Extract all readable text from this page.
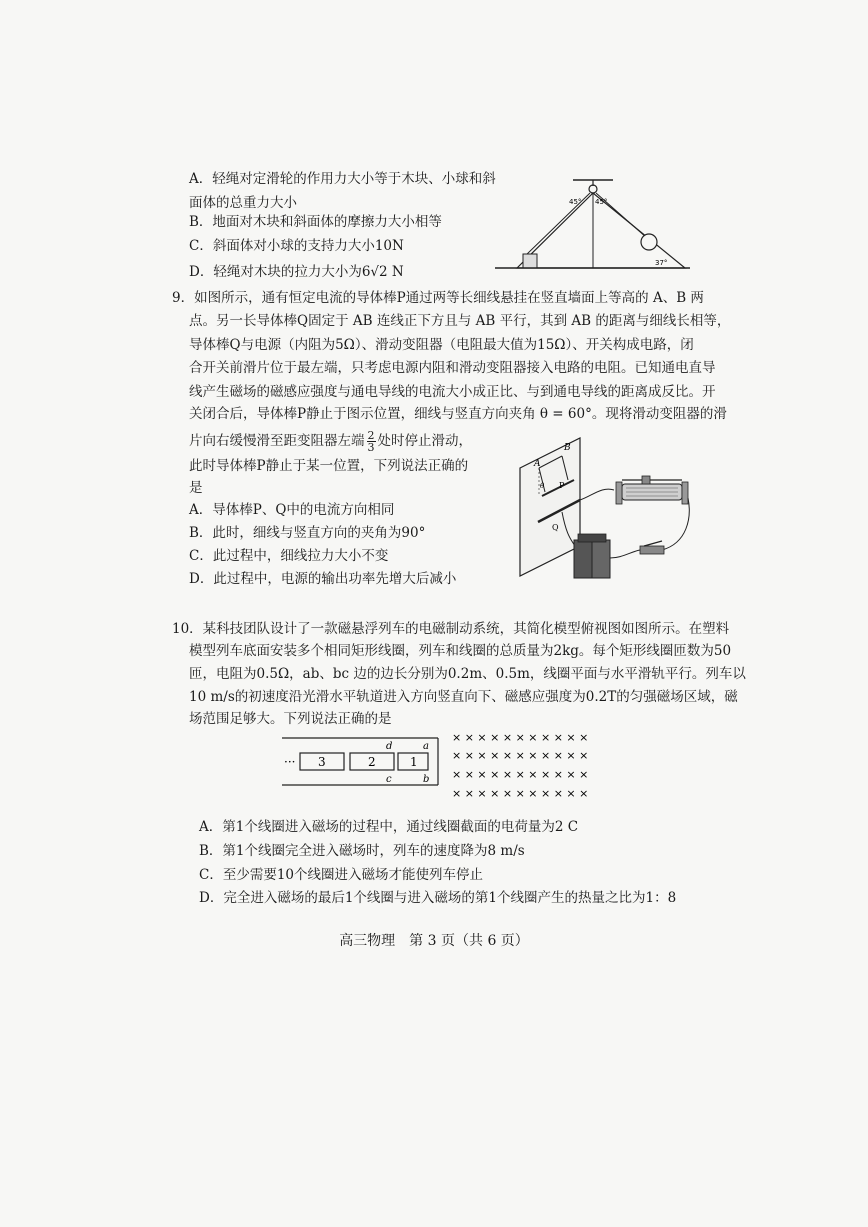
A．轻绳对定滑轮的作用力大小等于木块、小球和斜
面体的总重力大小
B．地面对木块和斜面体的摩擦力大小相等
C．斜面体对小球的支持力大小10N
D．轻绳对木块的拉力大小为6√2 N
45° 45°
37°
9．如图所示，通有恒定电流的导体棒P通过两等长细线悬挂在竖直墙面上等高的 A、B 两
点。另一长导体棒Q固定于 AB 连线正下方且与 AB 平行，其到 AB 的距离与细线长相等，
导体棒Q与电源（内阻为5Ω）、滑动变阻器（电阻最大值为15Ω）、开关构成电路，闭
合开关前滑片位于最左端，只考虑电源内阻和滑动变阻器接入电路的电阻。已知通电直导
线产生磁场的磁感应强度与通电导线的电流大小成正比、与到通电导线的距离成反比。开
关闭合后，导体棒P静止于图示位置，细线与竖直方向夹角 θ = 60°。现将滑动变阻器的滑
片向右缓慢滑至距变阻器左端 $\frac{2}{3}$ 处时停止滑动，
此时导体棒P静止于某一位置，下列说法正确的
是
A．导体棒P、Q中的电流方向相同
B．此时，细线与竖直方向的夹角为90°
C．此过程中，细线拉力大小不变
D．此过程中，电源的输出功率先增大后减小
A
B
P
Q
θ
10．某科技团队设计了一款磁悬浮列车的电磁制动系统，其简化模型俯视图如图所示。在塑料
模型列车底面安装多个相同矩形线圈，列车和线圈的总质量为2kg。每个矩形线圈匝数为50
匝，电阻为0.5Ω，ab、bc 边的边长分别为0.2m、0.5m，线圈平面与水平滑轨平行。列车以
10 m/s的初速度沿光滑水平轨道进入方向竖直向下、磁感应强度为0.2T的匀强磁场区域，磁
场范围足够大。下列说法正确的是
··· 3	2	1
a
b
c
d
× × × × × × × × × × ×
× × × × × × × × × × ×
× × × × × × × × × × ×
× × × × × × × × × × ×
A．第1个线圈进入磁场的过程中，通过线圈截面的电荷量为2 C
B．第1个线圈完全进入磁场时，列车的速度降为8 m/s
C．至少需要10个线圈进入磁场才能使列车停止
D．完全进入磁场的最后1个线圈与进入磁场的第1个线圈产生的热量之比为1：8
高三物理　第 3 页（共 6 页）
